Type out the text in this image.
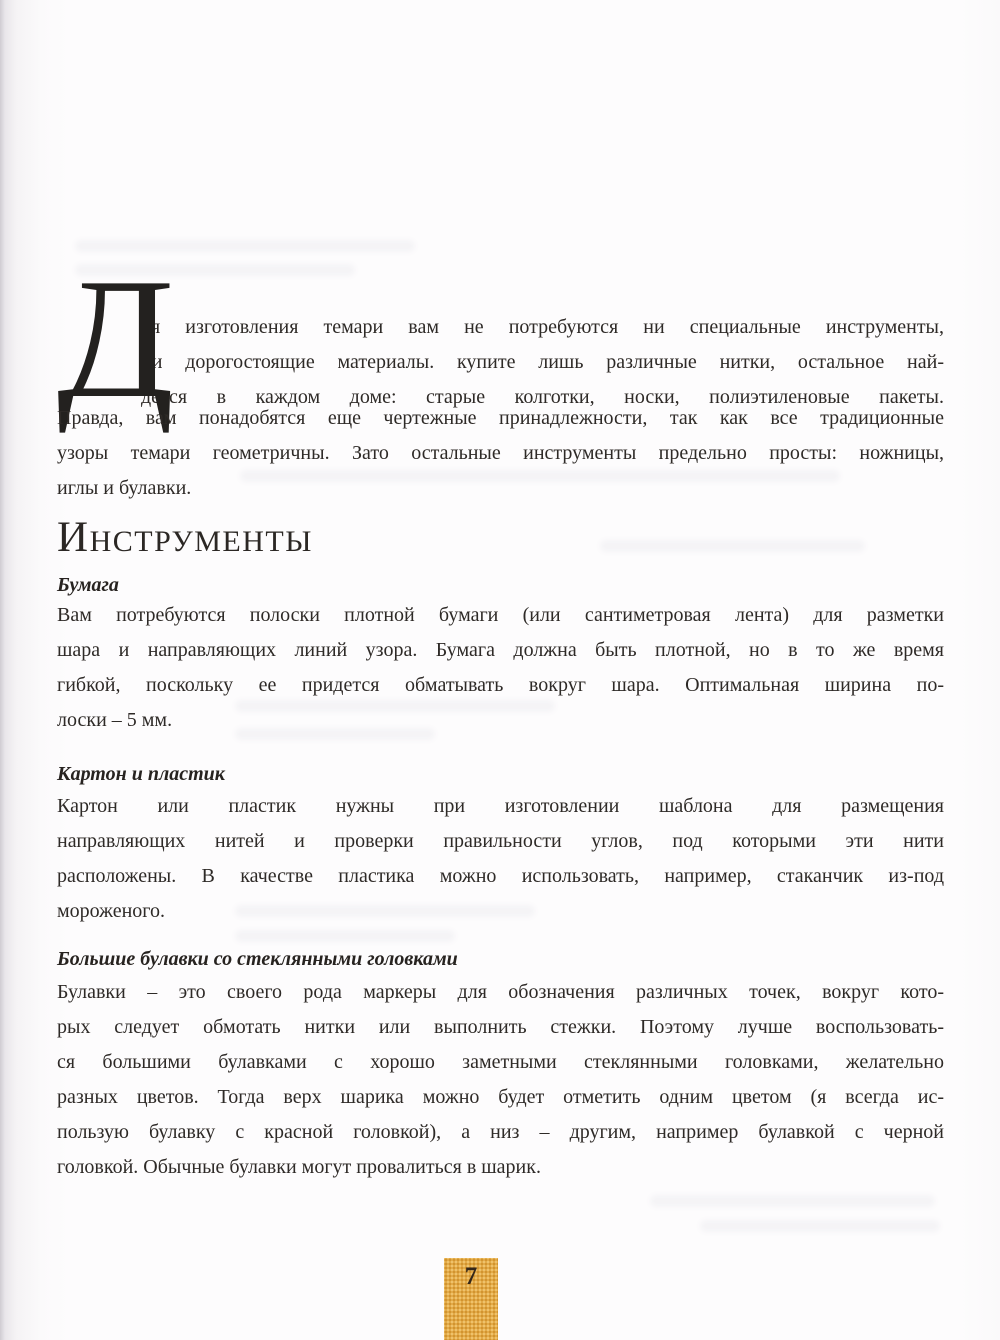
Д
ля изготовления темари вам не потребуются ни специальные инструменты,
ни дорогостоящие материалы. купите лишь различные нитки, остальное най-
дется в каждом доме: старые колготки, носки, полиэтиленовые пакеты.
Правда, вам понадобятся еще чертежные принадлежности, так как все традиционные
узоры темари геометричны. Зато остальные инструменты предельно просты: ножницы,
иглы и булавки.
ИНСТРУМЕНТЫ
Бумага
Вам потребуются полоски плотной бумаги (или сантиметровая лента) для разметки
шара и направляющих линий узора. Бумага должна быть плотной, но в то же время
гибкой, поскольку ее придется обматывать вокруг шара. Оптимальная ширина по-
лоски – 5 мм.
Картон и пластик
Картон или пластик нужны при изготовлении шаблона для размещения
направляющих нитей и проверки правильности углов, под которыми эти нити
расположены. В качестве пластика можно использовать, например, стаканчик из-под
мороженого.
Большие булавки со стеклянными головками
Булавки – это своего рода маркеры для обозначения различных точек, вокруг кото-
рых следует обмотать нитки или выполнить стежки. Поэтому лучше воспользовать-
ся большими булавками с хорошо заметными стеклянными головками, желательно
разных цветов. Тогда верх шарика можно будет отметить одним цветом (я всегда ис-
пользую булавку с красной головкой), а низ – другим, например булавкой с черной
головкой. Обычные булавки могут провалиться в шарик.
7
